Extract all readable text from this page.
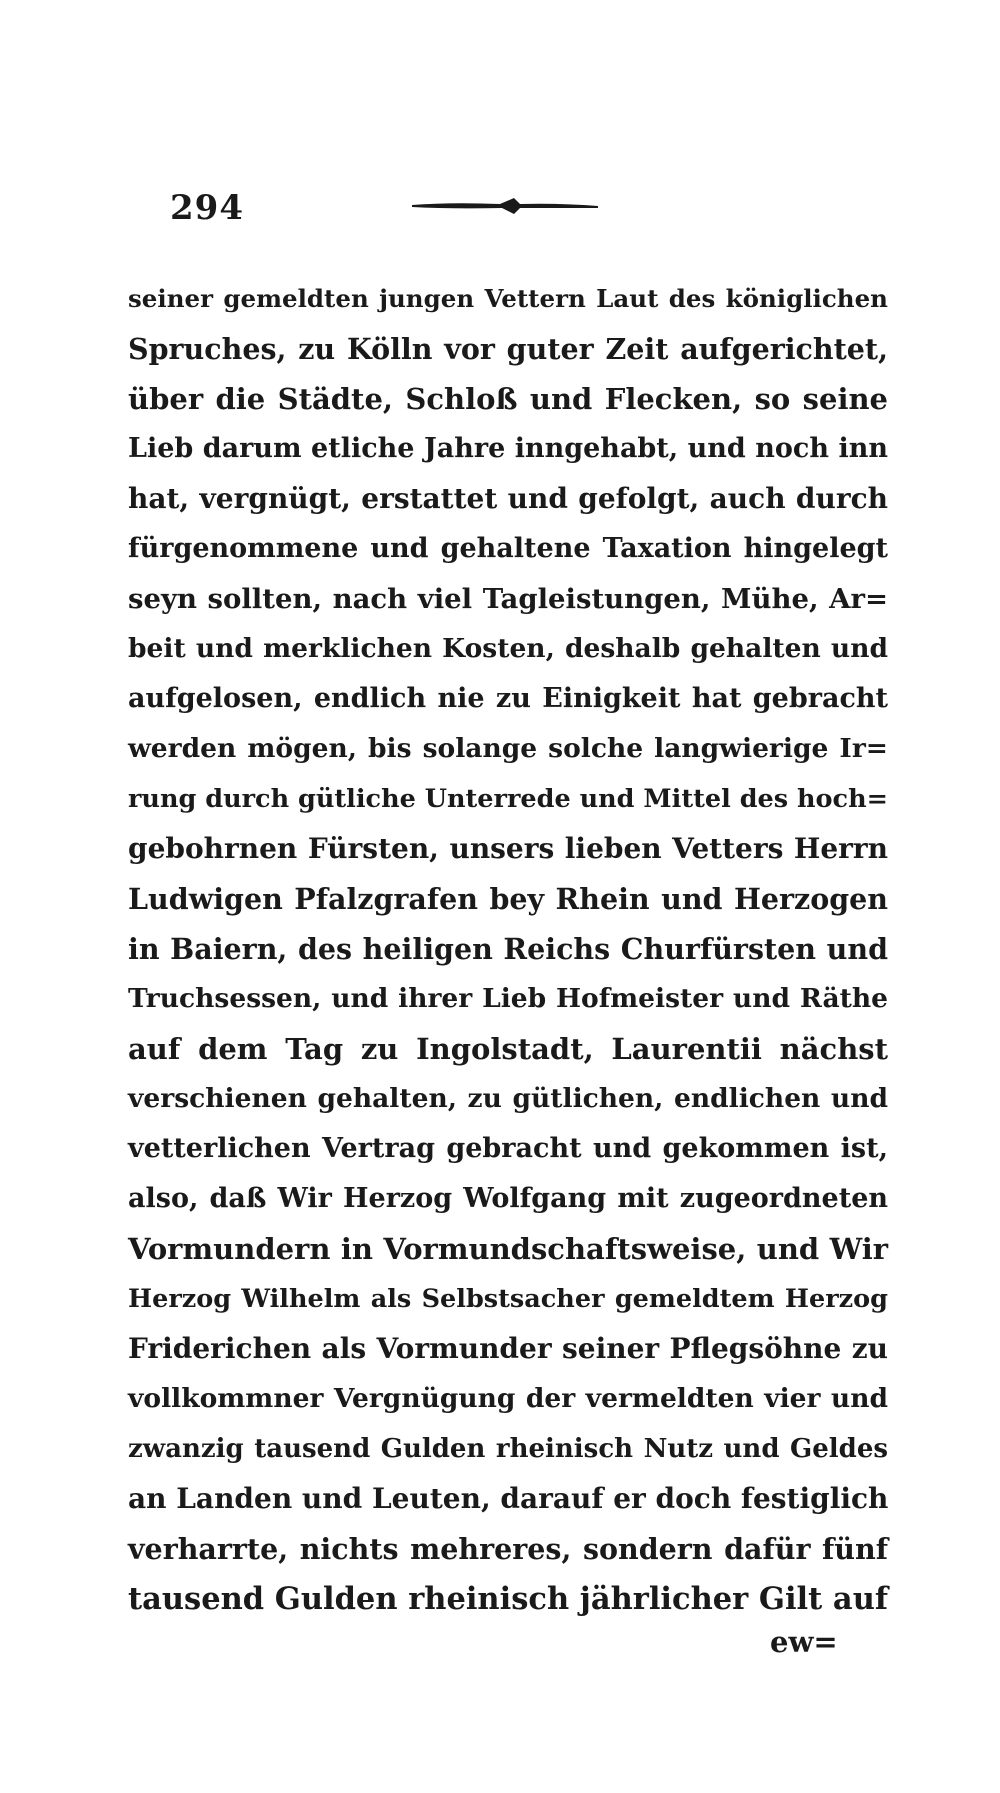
294
seiner gemeldten jungen Vettern Laut des königlichen
Spruches, zu Kölln vor guter Zeit aufgerichtet,
über die Städte, Schloß und Flecken, so seine
Lieb darum etliche Jahre inngehabt, und noch inn
hat, vergnügt, erstattet und gefolgt, auch durch
fürgenommene und gehaltene Taxation hingelegt
seyn sollten, nach viel Tagleistungen, Mühe, Ar=
beit und merklichen Kosten, deshalb gehalten und
aufgelosen, endlich nie zu Einigkeit hat gebracht
werden mögen, bis solange solche langwierige Ir=
rung durch gütliche Unterrede und Mittel des hoch=
gebohrnen Fürsten, unsers lieben Vetters Herrn
Ludwigen Pfalzgrafen bey Rhein und Herzogen
in Baiern, des heiligen Reichs Churfürsten und
Truchsessen, und ihrer Lieb Hofmeister und Räthe
auf dem Tag zu Ingolstadt, Laurentii nächst
verschienen gehalten, zu gütlichen, endlichen und
vetterlichen Vertrag gebracht und gekommen ist,
also, daß Wir Herzog Wolfgang mit zugeordneten
Vormundern in Vormundschaftsweise, und Wir
Herzog Wilhelm als Selbstsacher gemeldtem Herzog
Friderichen als Vormunder seiner Pflegsöhne zu
vollkommner Vergnügung der vermeldten vier und
zwanzig tausend Gulden rheinisch Nutz und Geldes
an Landen und Leuten, darauf er doch festiglich
verharrte, nichts mehreres, sondern dafür fünf
tausend Gulden rheinisch jährlicher Gilt auf
ew=
